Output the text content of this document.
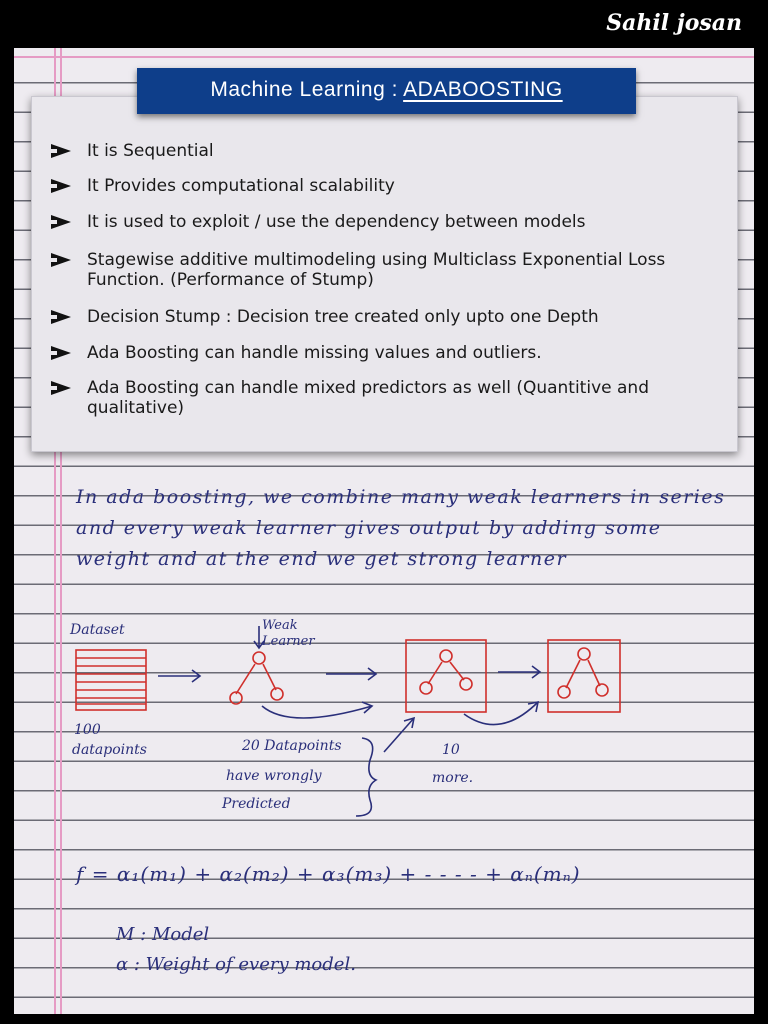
Sahil josan
It is Sequential
It Provides computational scalability
It is used to exploit / use the dependency between models
Stagewise additive multimodeling using Multiclass Exponential Loss Function. (Performance of Stump)
Decision Stump : Decision tree created only upto one Depth
Ada Boosting can handle missing values and outliers.
Ada Boosting can handle mixed predictors as well (Quantitive and qualitative)
Machine Learning : ADABOOSTING
In ada boosting, we combine many weak learners in series and every weak learner gives output by adding some weight and at the end we get strong learner
Dataset	Weak Learner
100
datapoints	20 Datapoints
have wrongly
Predicted
10
more.
f = α₁(m₁) + α₂(m₂) + α₃(m₃) + - - - - + αₙ(mₙ)
M : Model
α : Weight of every model.
